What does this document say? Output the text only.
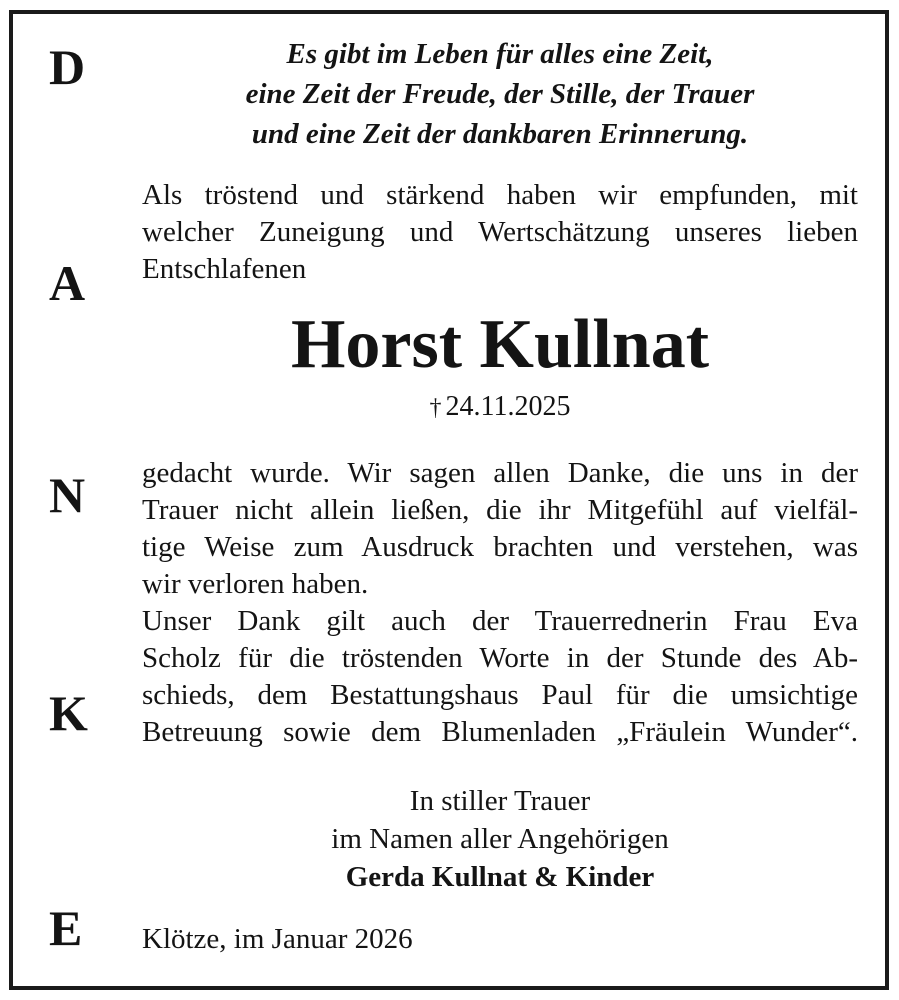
D
A
N
K
E
Es gibt im Leben für alles eine Zeit,
eine Zeit der Freude, der Stille, der Trauer
und eine Zeit der dankbaren Erinnerung.
Als tröstend und stärkend haben wir empfunden, mit
welcher Zuneigung und Wertschätzung unseres lieben
Entschlafenen
Horst Kullnat
† 24.11.2025
gedacht wurde. Wir sagen allen Danke, die uns in der
Trauer nicht allein ließen, die ihr Mitgefühl auf vielfäl-
tige Weise zum Ausdruck brachten und verstehen, was
wir verloren haben.
Unser Dank gilt auch der Trauerrednerin Frau Eva
Scholz für die tröstenden Worte in der Stunde des Ab-
schieds, dem Bestattungshaus Paul für die umsichtige
Betreuung sowie dem Blumenladen „Fräulein Wunder“.
In stiller Trauer
im Namen aller Angehörigen
Gerda Kullnat & Kinder
Klötze, im Januar 2026
